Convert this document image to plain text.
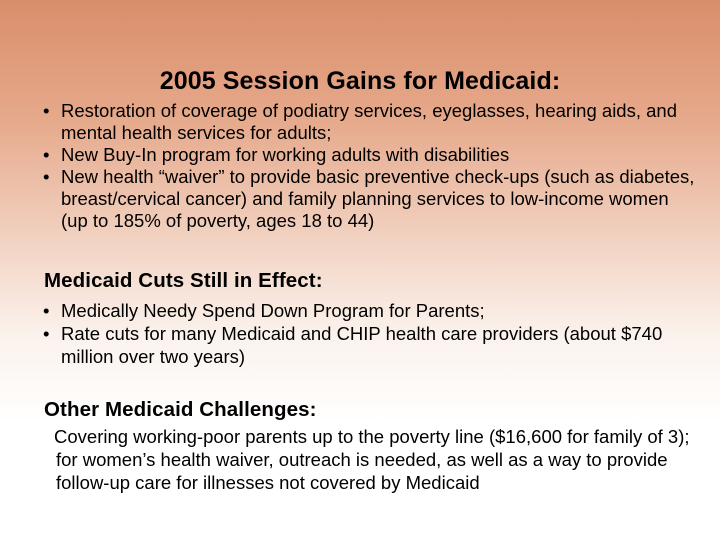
2005 Session Gains for Medicaid:
• Restoration of coverage of podiatry services, eyeglasses, hearing aids, and mental health services for adults;
• New Buy-In program for working adults with disabilities
• New health “waiver” to provide basic preventive check-ups (such as diabetes, breast/cervical cancer) and family planning services to low-income women (up to 185% of poverty, ages 18 to 44)
Medicaid Cuts Still in Effect:
• Medically Needy Spend Down Program for Parents;
• Rate cuts for many Medicaid and CHIP health care providers (about $740 million over two years)
Other Medicaid Challenges:
Covering working-poor parents up to the poverty line ($16,600 for family of 3); for women’s health waiver, outreach is needed, as well as a way to provide follow-up care for illnesses not covered by Medicaid
